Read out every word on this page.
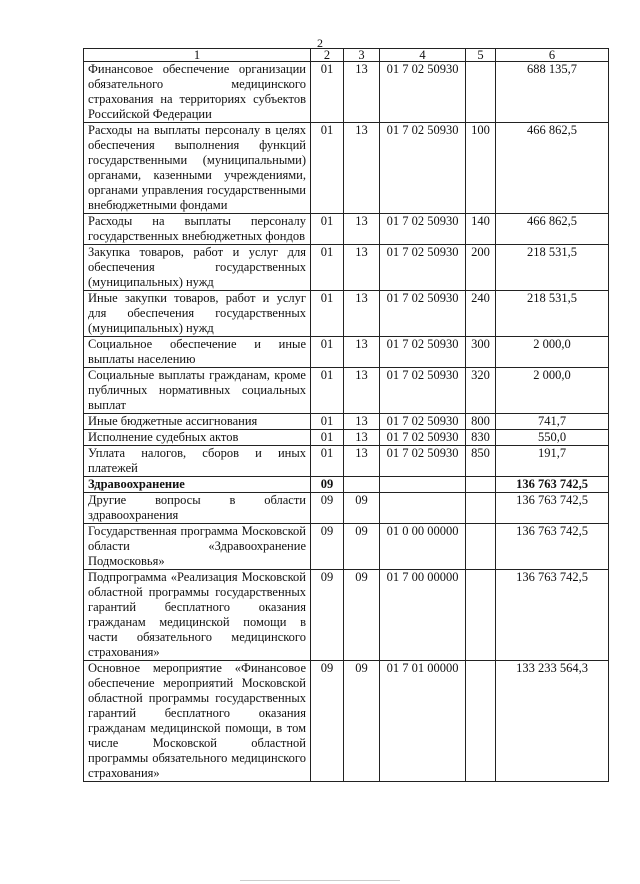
2
1	2	3	4	5	6
Финансовое обеспечение организации обязательного медицинского страхования на территориях субъектов Российской Федерации	01	13	01 7 02 50930		688 135,7
Расходы на выплаты персоналу в целях обеспечения выполнения функций государственными (муниципальными) органами, казенными учреждениями, органами управления государственными внебюджетными фондами	01	13	01 7 02 50930	100	466 862,5
Расходы на выплаты персоналу государственных внебюджетных фондов	01	13	01 7 02 50930	140	466 862,5
Закупка товаров, работ и услуг для обеспечения государственных (муниципальных) нужд	01	13	01 7 02 50930	200	218 531,5
Иные закупки товаров, работ и услуг для обеспечения государственных (муниципальных) нужд	01	13	01 7 02 50930	240	218 531,5
Социальное обеспечение и иные выплаты населению	01	13	01 7 02 50930	300	2 000,0
Социальные выплаты гражданам, кроме публичных нормативных социальных выплат	01	13	01 7 02 50930	320	2 000,0
Иные бюджетные ассигнования	01	13	01 7 02 50930	800	741,7
Исполнение судебных актов	01	13	01 7 02 50930	830	550,0
Уплата налогов, сборов и иных платежей	01	13	01 7 02 50930	850	191,7
Здравоохранение	09				136 763 742,5
Другие вопросы в области здравоохранения	09	09			136 763 742,5
Государственная программа Московской области «Здравоохранение Подмосковья»	09	09	01 0 00 00000		136 763 742,5
Подпрограмма «Реализация Московской областной программы государственных гарантий бесплатного оказания гражданам медицинской помощи в части обязательного медицинского страхования»	09	09	01 7 00 00000		136 763 742,5
Основное мероприятие «Финансовое обеспечение мероприятий Московской областной программы государственных гарантий бесплатного оказания гражданам медицинской помощи, в том числе Московской областной программы обязательного медицинского страхования»	09	09	01 7 01 00000		133 233 564,3
